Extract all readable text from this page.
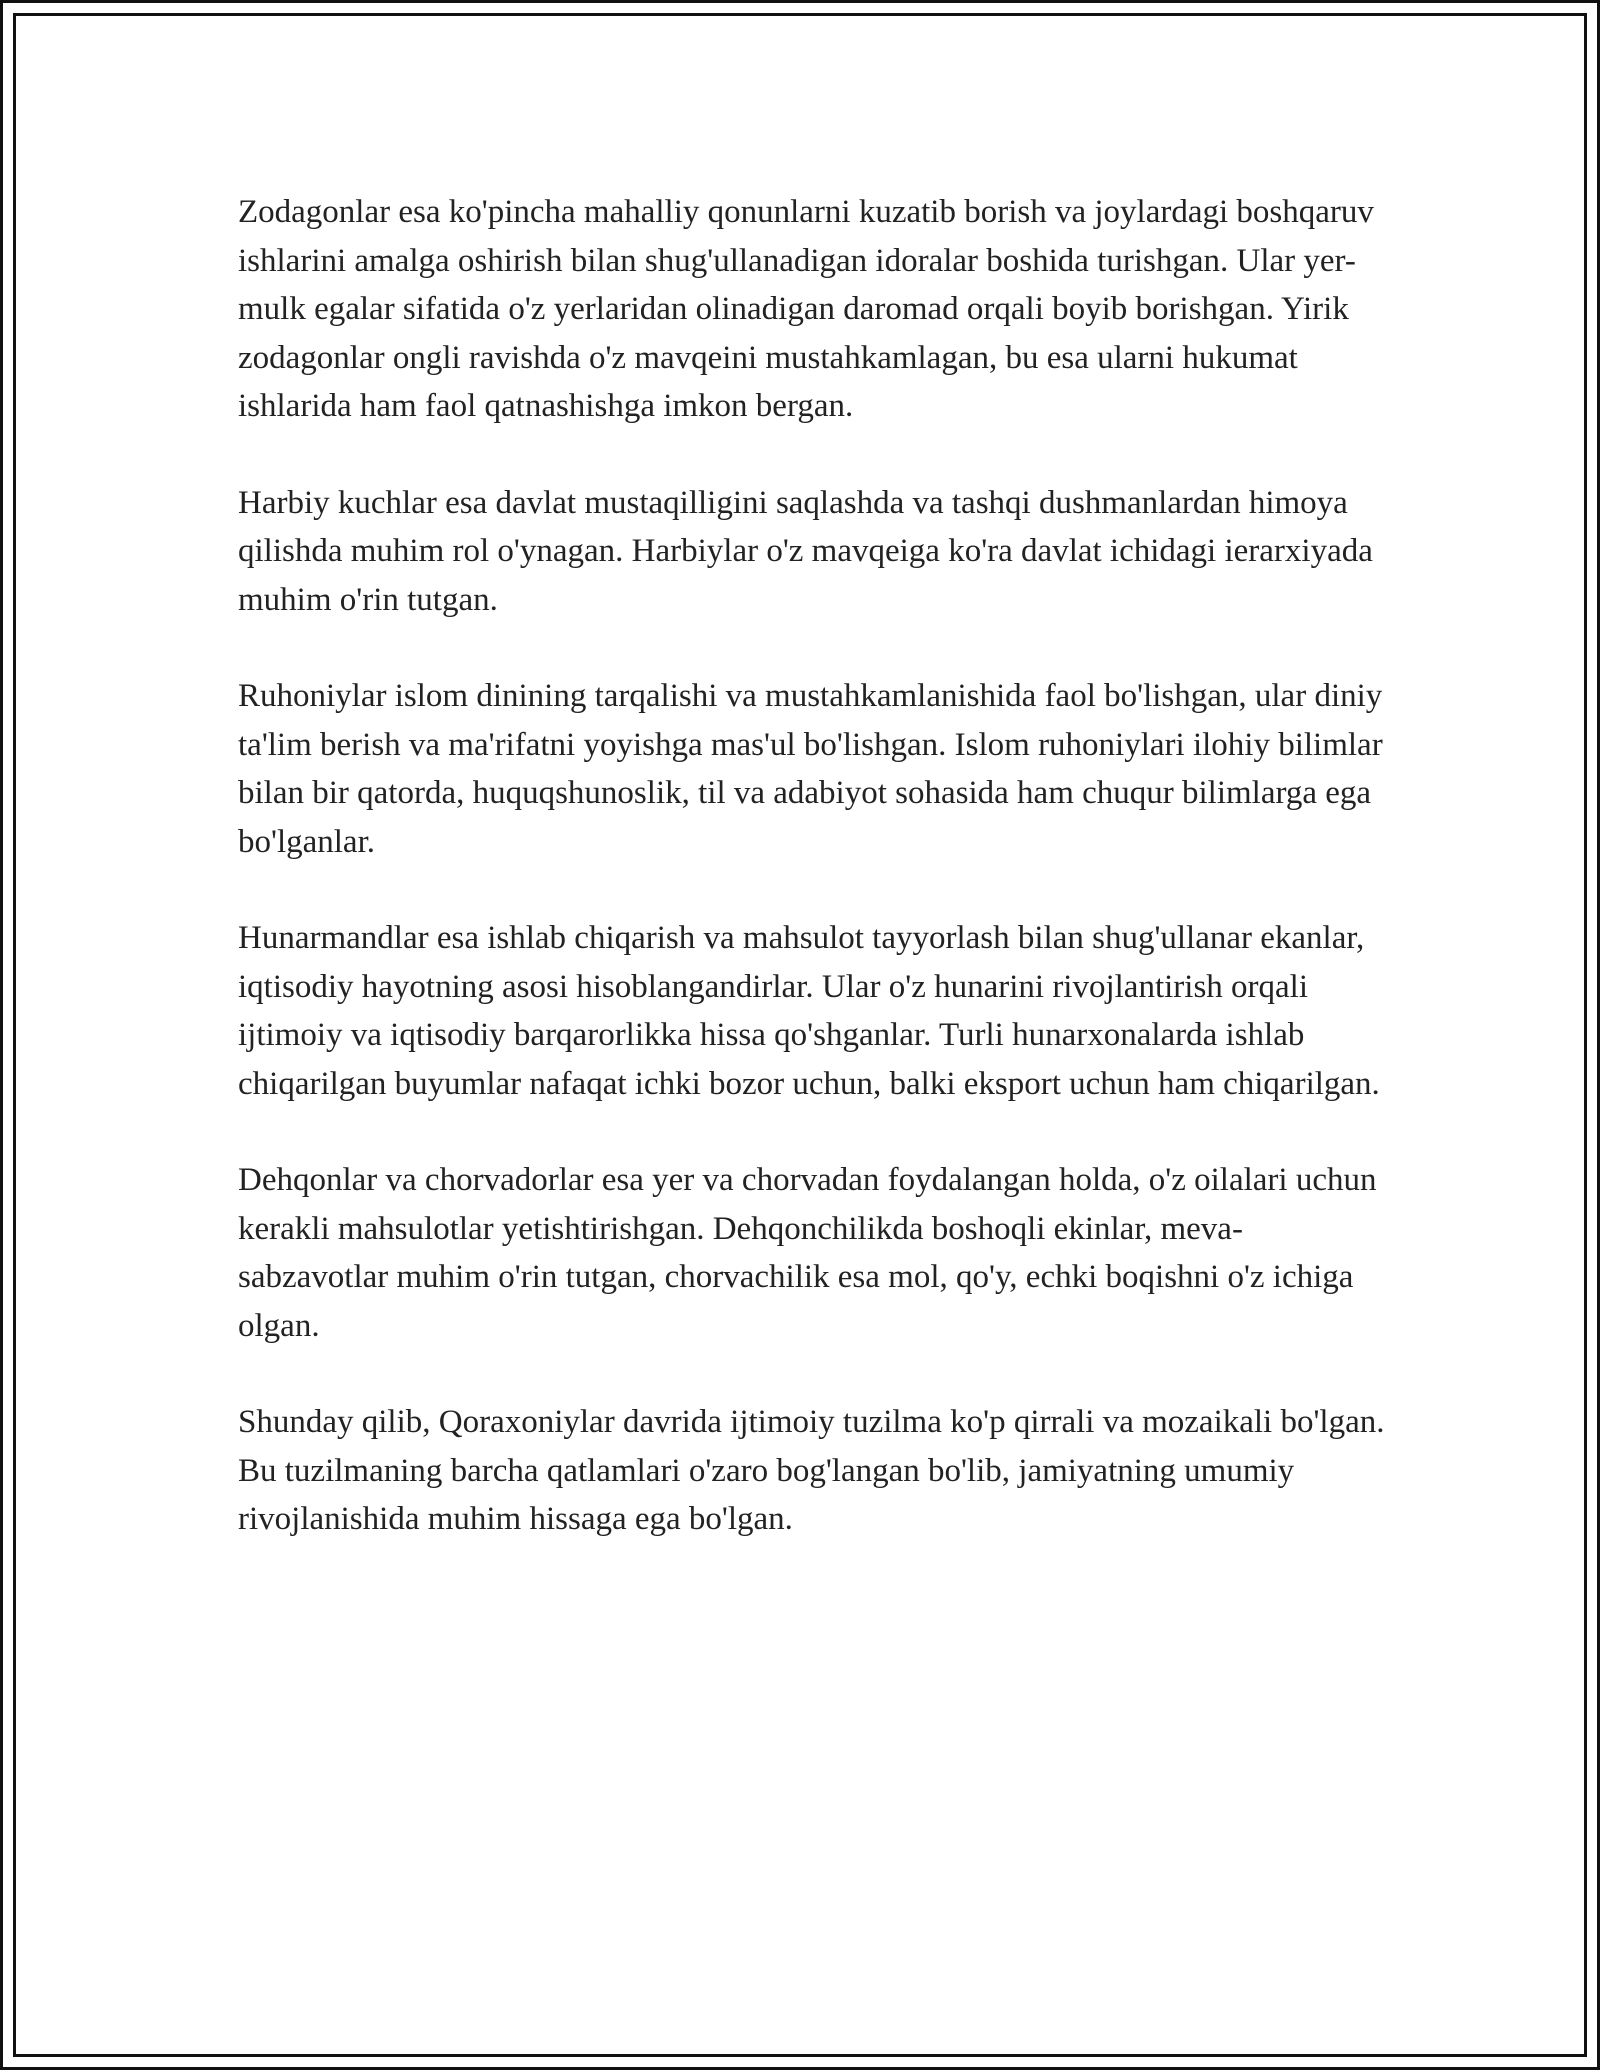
Zodagonlar esa ko'pincha mahalliy qonunlarni kuzatib borish va joylardagi boshqaruv ishlarini amalga oshirish bilan shug'ullanadigan idoralar boshida turishgan. Ular yer-mulk egalar sifatida o'z yerlaridan olinadigan daromad orqali boyib borishgan. Yirik zodagonlar ongli ravishda o'z mavqeini mustahkamlagan, bu esa ularni hukumat ishlarida ham faol qatnashishga imkon bergan.

Harbiy kuchlar esa davlat mustaqilligini saqlashda va tashqi dushmanlardan himoya qilishda muhim rol o'ynagan. Harbiylar o'z mavqeiga ko'ra davlat ichidagi ierarxiyada muhim o'rin tutgan.

Ruhoniylar islom dinining tarqalishi va mustahkamlanishida faol bo'lishgan, ular diniy ta'lim berish va ma'rifatni yoyishga mas'ul bo'lishgan. Islom ruhoniylari ilohiy bilimlar bilan bir qatorda, huquqshunoslik, til va adabiyot sohasida ham chuqur bilimlarga ega bo'lganlar.

Hunarmandlar esa ishlab chiqarish va mahsulot tayyorlash bilan shug'ullanar ekanlar, iqtisodiy hayotning asosi hisoblangandirlar. Ular o'z hunarini rivojlantirish orqali ijtimoiy va iqtisodiy barqarorlikka hissa qo'shganlar. Turli hunarxonalarda ishlab chiqarilgan buyumlar nafaqat ichki bozor uchun, balki eksport uchun ham chiqarilgan.

Dehqonlar va chorvadorlar esa yer va chorvadan foydalangan holda, o'z oilalari uchun kerakli mahsulotlar yetishtirishgan. Dehqonchilikda boshoqli ekinlar, meva-sabzavotlar muhim o'rin tutgan, chorvachilik esa mol, qo'y, echki boqishni o'z ichiga olgan.

Shunday qilib, Qoraxoniylar davrida ijtimoiy tuzilma ko'p qirrali va mozaikali bo'lgan. Bu tuzilmaning barcha qatlamlari o'zaro bog'langan bo'lib, jamiyatning umumiy rivojlanishida muhim hissaga ega bo'lgan.
